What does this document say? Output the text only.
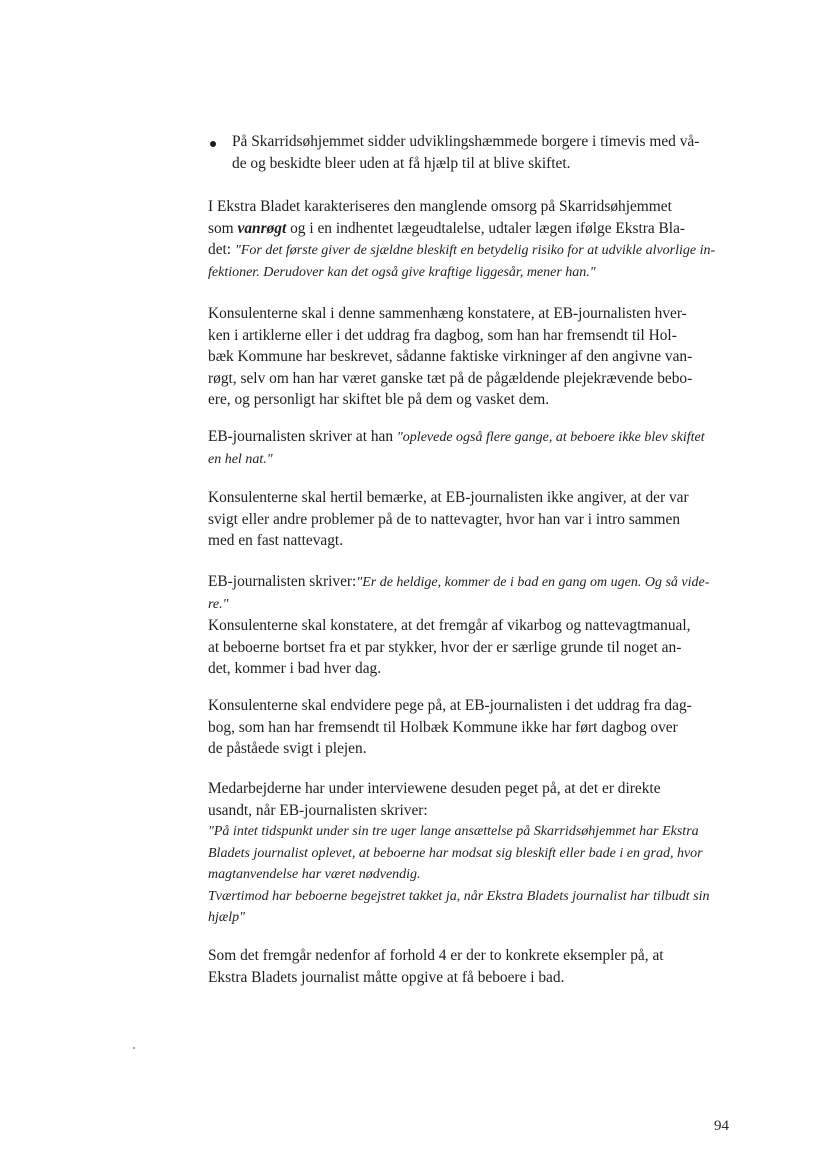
På Skarridsøhjemmet sidder udviklingshæmmede borgere i timevis med vå-
de og beskidte bleer uden at få hjælp til at blive skiftet.
I Ekstra Bladet karakteriseres den manglende omsorg på Skarridsøhjemmet
som vanrøgt og i en indhentet lægeudtalelse, udtaler lægen ifølge Ekstra Bla-
det: "For det første giver de sjældne bleskift en betydelig risiko for at udvikle alvorlige in-
fektioner. Derudover kan det også give kraftige liggesår, mener han."
Konsulenterne skal i denne sammenhæng konstatere, at EB-journalisten hver-
ken i artiklerne eller i det uddrag fra dagbog, som han har fremsendt til Hol-
bæk Kommune har beskrevet, sådanne faktiske virkninger af den angivne van-
røgt, selv om han har været ganske tæt på de pågældende plejekrævende bebo-
ere, og personligt har skiftet ble på dem og vasket dem.
EB-journalisten skriver at han "oplevede også flere gange, at beboere ikke blev skiftet
en hel nat."
Konsulenterne skal hertil bemærke, at EB-journalisten ikke angiver, at der var
svigt eller andre problemer på de to nattevagter, hvor han var i intro sammen
med en fast nattevagt.
EB-journalisten skriver:"Er de heldige, kommer de i bad en gang om ugen. Og så vide-
re."
Konsulenterne skal konstatere, at det fremgår af vikarbog og nattevagtmanual,
at beboerne bortset fra et par stykker, hvor der er særlige grunde til noget an-
det, kommer i bad hver dag.
Konsulenterne skal endvidere pege på, at EB-journalisten i det uddrag fra dag-
bog, som han har fremsendt til Holbæk Kommune ikke har ført dagbog over
de påståede svigt i plejen.
Medarbejderne har under interviewene desuden peget på, at det er direkte
usandt, når EB-journalisten skriver:
"På intet tidspunkt under sin tre uger lange ansættelse på Skarridsøhjemmet har Ekstra
Bladets journalist oplevet, at beboerne har modsat sig bleskift eller bade i en grad, hvor
magtanvendelse har været nødvendig.
Tværtimod har beboerne begejstret takket ja, når Ekstra Bladets journalist har tilbudt sin
hjælp"
Som det fremgår nedenfor af forhold 4 er der to konkrete eksempler på, at
Ekstra Bladets journalist måtte opgive at få beboere i bad.
94
